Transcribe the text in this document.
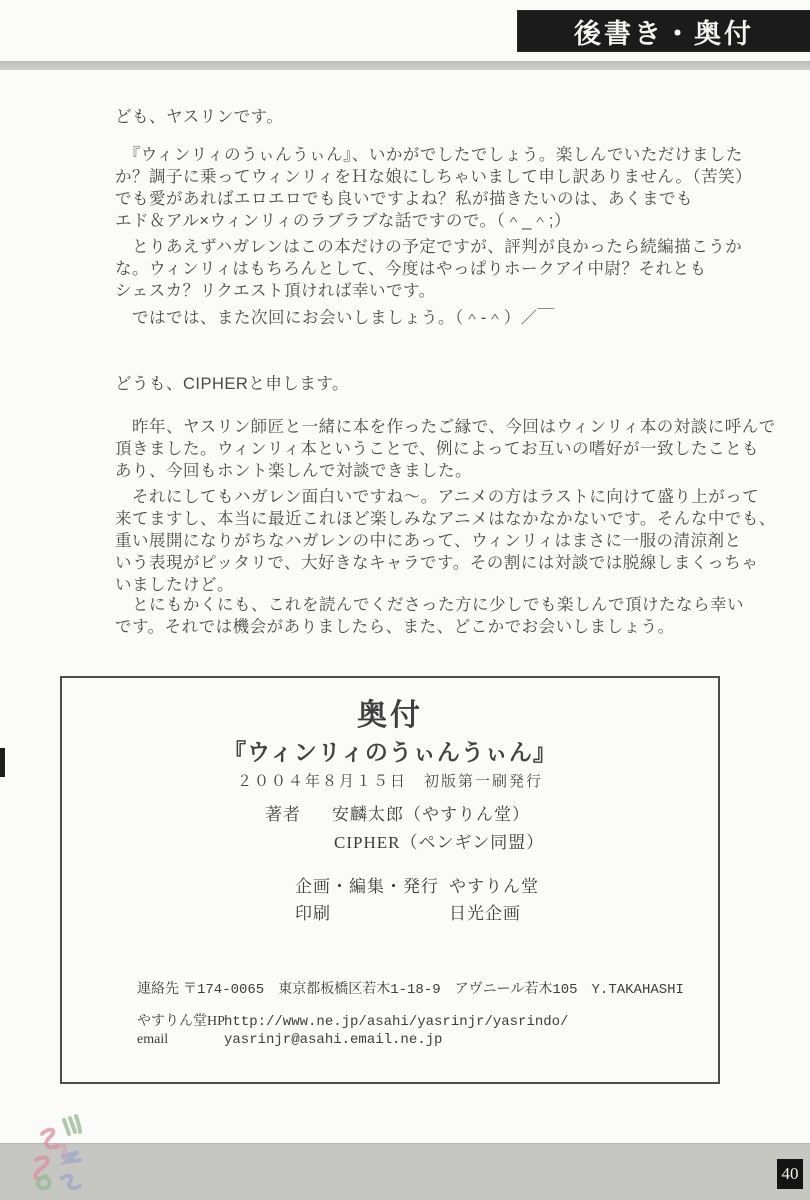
後書き・奥付
ども、ヤスリンです。
　『ウィンリィのうぃんうぃん』、いかがでしたでしょう。楽しんでいただけました
か？調子に乗ってウィンリィをＨな娘にしちゃいまして申し訳ありません。（苦笑）
でも愛があればエロエロでも良いですよね？私が描きたいのは、あくまでも
エド＆アル×ウィンリィのラブラブな話ですので。（＾_＾;）
　とりあえずハガレンはこの本だけの予定ですが、評判が良かったら続編描こうか
な。ウィンリィはもちろんとして、今度はやっぱりホークアイ中尉？それとも
シェスカ？リクエスト頂ければ幸いです。
　ではでは、また次回にお会いしましょう。（＾-＾）／￣
どうも、CIPHERと申します。
　昨年、ヤスリン師匠と一緒に本を作ったご縁で、今回はウィンリィ本の対談に呼んで
頂きました。ウィンリィ本ということで、例によってお互いの嗜好が一致したことも
あり、今回もホント楽しんで対談できました。
　それにしてもハガレン面白いですね〜。アニメの方はラストに向けて盛り上がって
来てますし、本当に最近これほど楽しみなアニメはなかなかないです。そんな中でも、
重い展開になりがちなハガレンの中にあって、ウィンリィはまさに一服の清涼剤と
いう表現がピッタリで、大好きなキャラです。その割には対談では脱線しまくっちゃ
いましたけど。
　とにもかくにも、これを読んでくださった方に少しでも楽しんで頂けたなら幸い
です。それでは機会がありましたら、また、どこかでお会いしましょう。
奥付
『ウィンリィのうぃんうぃん』
２００４年８月１５日　初版第一刷発行
著者 安麟太郎（やすりん堂）
CIPHER（ペンギン同盟）
企画・編集・発行 やすりん堂
印刷	日光企画
連絡先 〒174-0065　東京都板橋区若木1-18-9　アヴニール若木105　Y.TAKAHASHI
やすりん堂HPhttp://www.ne.jp/asahi/yasrinjr/yasrindo/
email	yasrinjr@asahi.email.ne.jp
40
